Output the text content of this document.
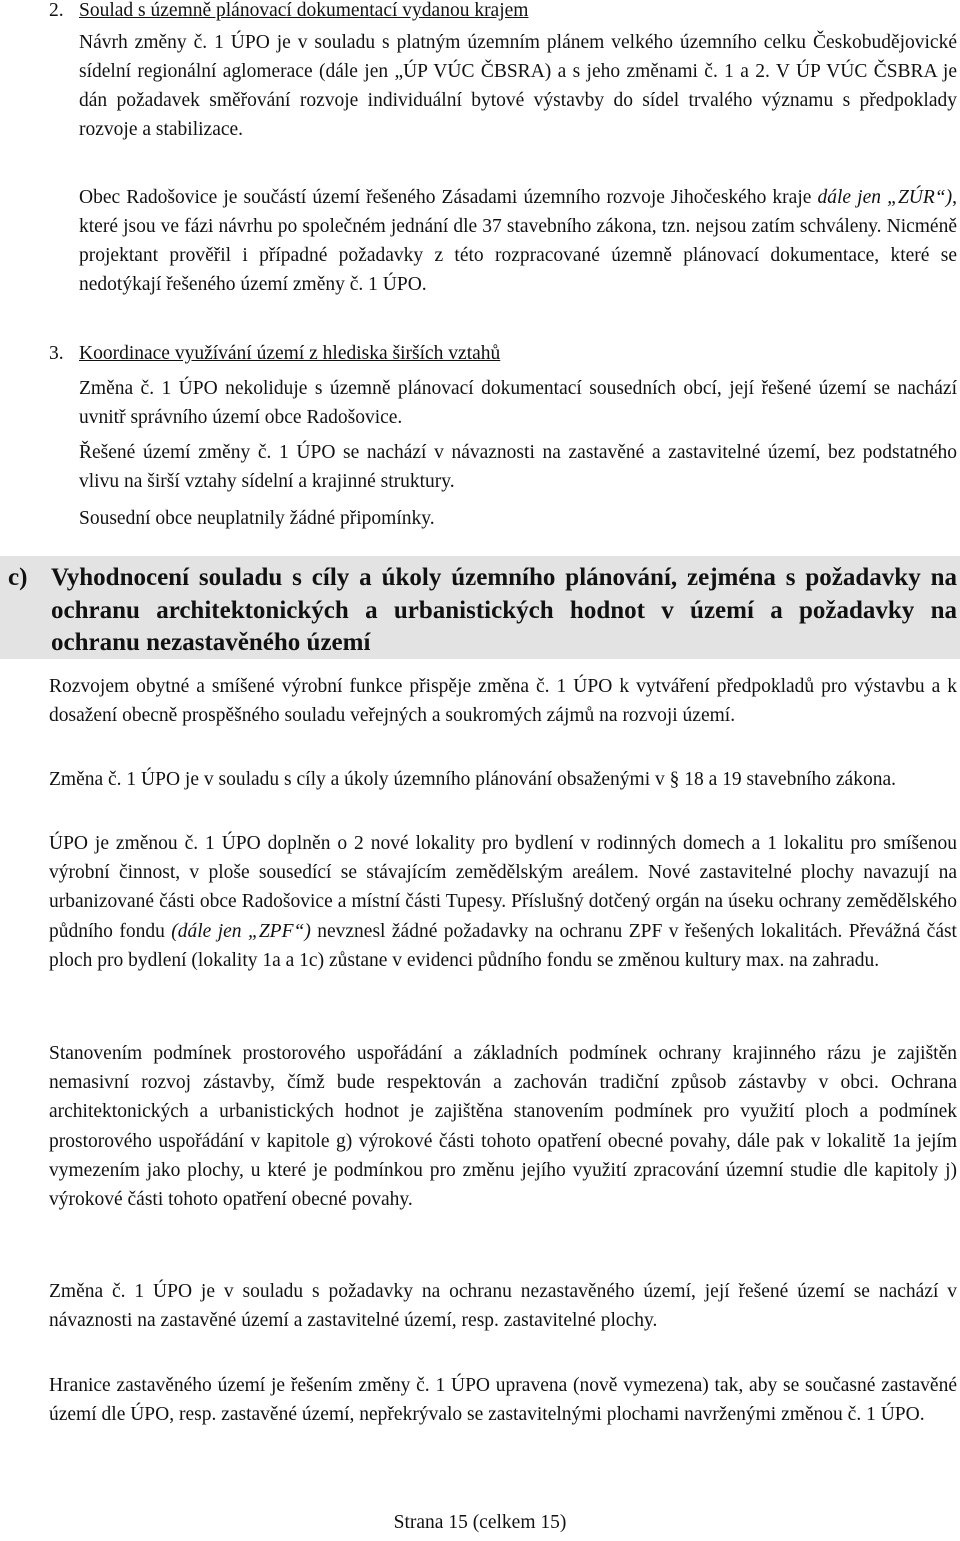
2. Soulad s územně plánovací dokumentací vydanou krajem
Návrh změny č. 1 ÚPO je v souladu s platným územním plánem velkého územního celku Českobudějovické sídelní regionální aglomerace (dále jen „ÚP VÚC ČBSRA) a s jeho změnami č. 1 a 2. V ÚP VÚC ČSBRA je dán požadavek směřování rozvoje individuální bytové výstavby do sídel trvalého významu s předpoklady rozvoje a stabilizace.
Obec Radošovice je součástí území řešeného Zásadami územního rozvoje Jihočeského kraje dále jen „ZÚR“), které jsou ve fázi návrhu po společném jednání dle 37 stavebního zákona, tzn. nejsou zatím schváleny. Nicméně projektant prověřil i případné požadavky z této rozpracované územně plánovací dokumentace, které se nedotýkají řešeného území změny č. 1 ÚPO.
3. Koordinace využívání území z hlediska širších vztahů
Změna č. 1 ÚPO nekoliduje s územně plánovací dokumentací sousedních obcí, její řešené území se nachází uvnitř správního území obce Radošovice.
Řešené území změny č. 1 ÚPO se nachází v návaznosti na zastavěné a zastavitelné území, bez podstatného vlivu na širší vztahy sídelní a krajinné struktury.
Sousední obce neuplatnily žádné připomínky.
c) Vyhodnocení souladu s cíly a úkoly územního plánování, zejména s požadavky na ochranu architektonických a urbanistických hodnot v území a požadavky na ochranu nezastavěného území
Rozvojem obytné a smíšené výrobní funkce přispěje změna č. 1 ÚPO k vytváření předpokladů pro výstavbu a k dosažení obecně prospěšného souladu veřejných a soukromých zájmů na rozvoji území.
Změna č. 1 ÚPO je v souladu s cíly a úkoly územního plánování obsaženými v § 18 a 19 stavebního zákona.
ÚPO je změnou č. 1 ÚPO doplněn o 2 nové lokality pro bydlení v rodinných domech a 1 lokalitu pro smíšenou výrobní činnost, v ploše sousedící se stávajícím zemědělským areálem. Nové zastavitelné plochy navazují na urbanizované části obce Radošovice a místní části Tupesy. Příslušný dotčený orgán na úseku ochrany zemědělského půdního fondu (dále jen „ZPF“) nevznesl žádné požadavky na ochranu ZPF v řešených lokalitách. Převážná část ploch pro bydlení (lokality 1a a 1c) zůstane v evidenci půdního fondu se změnou kultury max. na zahradu.
Stanovením podmínek prostorového uspořádání a základních podmínek ochrany krajinného rázu je zajištěn nemasivní rozvoj zástavby, čímž bude respektován a zachován tradiční způsob zástavby v obci. Ochrana architektonických a urbanistických hodnot je zajištěna stanovením podmínek pro využití ploch a podmínek prostorového uspořádání v kapitole g) výrokové části tohoto opatření obecné povahy, dále pak v lokalitě 1a jejím vymezením jako plochy, u které je podmínkou pro změnu jejího využití zpracování územní studie dle kapitoly j) výrokové části tohoto opatření obecné povahy.
Změna č. 1 ÚPO je v souladu s požadavky na ochranu nezastavěného území, její řešené území se nachází v návaznosti na zastavěné území a zastavitelné území, resp. zastavitelné plochy.
Hranice zastavěného území je řešením změny č. 1 ÚPO upravena (nově vymezena) tak, aby se současné zastavěné území dle ÚPO, resp. zastavěné území, nepřekrývalo se zastavitelnými plochami navrženými změnou č. 1 ÚPO.
Strana 15 (celkem 15)
